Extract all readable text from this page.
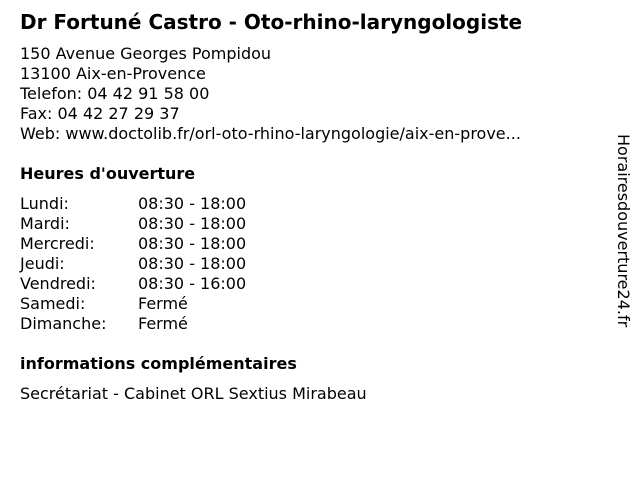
Dr Fortuné Castro - Oto-rhino-laryngologiste
150 Avenue Georges Pompidou
13100 Aix-en-Provence
Telefon: 04 42 91 58 00
Fax: 04 42 27 29 37
Web: www.doctolib.fr/orl-oto-rhino-laryngologie/aix-en-prove...
Heures d'ouverture
Lundi:	08:30 - 18:00
Mardi:	08:30 - 18:00
Mercredi:	08:30 - 18:00
Jeudi:	08:30 - 18:00
Vendredi:	08:30 - 16:00
Samedi:	Fermé
Dimanche: Fermé
informations complémentaires
Secrétariat - Cabinet ORL Sextius Mirabeau
Horairesdouverture24.fr
